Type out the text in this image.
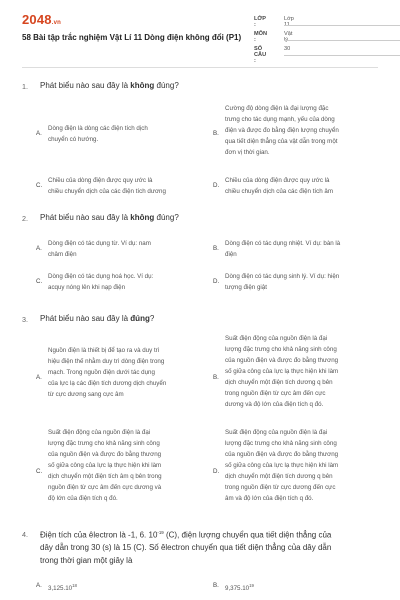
2048.vn
58 Bài tập trắc nghiệm Vật Lí 11 Dòng điện không đổi (P1)
LỚP :
Lớp 11
MÔN :
Vật lý
SỐ CÂU :
30
1. Phát biểu nào sau đây là không đúng?
A.
Dòng điện là dòng các điện tích dịch
chuyển có hướng.
B.
Cường độ dòng điện là đại lượng đặc
trưng cho tác dụng mạnh, yếu của dòng
điện và được đo bằng điện lượng chuyển
qua tiết diện thẳng của vật dẫn trong một
đơn vị thời gian.
C.
Chiều của dòng điện được quy ước là
chiều chuyển dịch của các điện tích dương
D.
Chiều của dòng điện được quy ước là
chiều chuyển dịch của các điện tích âm
2. Phát biểu nào sau đây là không đúng?
A.
Dòng điện có tác dụng từ. Ví dụ: nam
châm điện
B.
Dòng điện có tác dụng nhiệt. Ví dụ: bàn là
điện
C.
Dòng điện có tác dụng hoá học. Ví dụ:
acquy nóng lên khi nạp điện
D.
Dòng điện có tác dụng sinh lý. Ví dụ: hiện
tượng điện giật
3. Phát biểu nào sau đây là đúng?
A.
Nguồn điện là thiết bị để tạo ra và duy trì
hiệu điện thế nhằm duy trì dòng điện trong
mạch. Trong nguồn điện dưới tác dụng
của lực lạ các điện tích dương dịch chuyển
từ cực dương sang cực âm
B.
Suất điện động của nguồn điện là đại
lượng đặc trưng cho khả năng sinh công
của nguồn điện và được đo bằng thương
số giữa công của lực lạ thực hiện khi làm
dịch chuyển một điện tích dương q bên
trong nguồn điện từ cực âm đến cực
dương và độ lớn của điện tích q đó.
C.
Suất điện động của nguồn điện là đại
lượng đặc trưng cho khả năng sinh công
của nguồn điện và được đo bằng thương
số giữa công của lực lạ thực hiện khi làm
dịch chuyển một điện tích âm q bên trong
nguồn điện từ cực âm đến cực dương và
độ lớn của điện tích q đó.
D.
Suất điện động của nguồn điện là đại
lượng đặc trưng cho khả năng sinh công
của nguồn điện và được đo bằng thương
số giữa công của lực lạ thực hiện khi làm
dịch chuyển một điện tích dương q bên
trong nguồn điện từ cực dương đến cực
âm và độ lớn của điện tích q đó.
4. Điện tích của êlectron là -1, 6. $10^{-19}$ (C), điện lượng chuyển qua tiết diện thẳng của
dây dẫn trong 30 (s) là 15 (C). Số êlectron chuyển qua tiết diện thẳng của dây dẫn
trong thời gian một giây là
A. 3,125.10$^{18}$	B. 9,375.10$^{19}$
